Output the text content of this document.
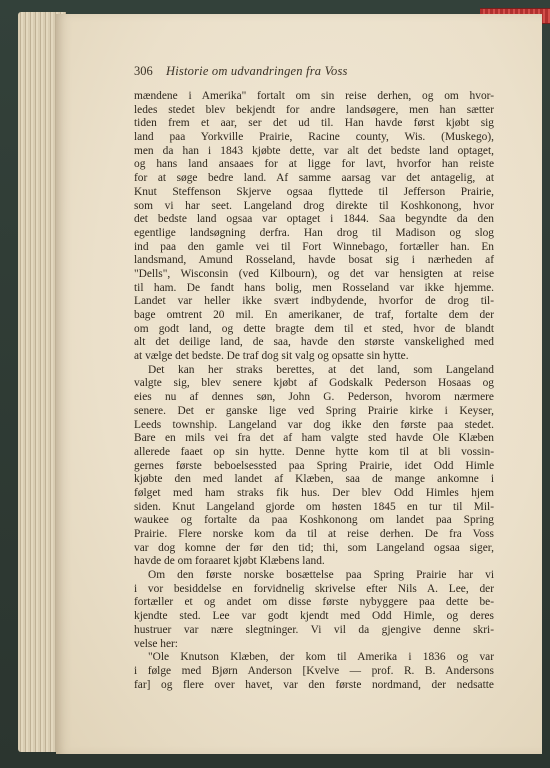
306 Historie om udvandringen fra Voss
mændene i Amerika" fortalt om sin reise derhen, og om hvor-
ledes stedet blev bekjendt for andre landsøgere, men han sætter
tiden frem et aar, ser det ud til. Han havde først kjøbt sig
land paa Yorkville Prairie, Racine county, Wis. (Muskego),
men da han i 1843 kjøbte dette, var alt det bedste land optaget,
og hans land ansaaes for at ligge for lavt, hvorfor han reiste
for at søge bedre land. Af samme aarsag var det antagelig, at
Knut Steffenson Skjerve ogsaa flyttede til Jefferson Prairie,
som vi har seet. Langeland drog direkte til Koshkonong, hvor
det bedste land ogsaa var optaget i 1844. Saa begyndte da den
egentlige landsøgning derfra. Han drog til Madison og slog
ind paa den gamle vei til Fort Winnebago, fortæller han. En
landsmand, Amund Rosseland, havde bosat sig i nærheden af
"Dells", Wisconsin (ved Kilbourn), og det var hensigten at reise
til ham. De fandt hans bolig, men Rosseland var ikke hjemme.
Landet var heller ikke svært indbydende, hvorfor de drog til-
bage omtrent 20 mil. En amerikaner, de traf, fortalte dem der
om godt land, og dette bragte dem til et sted, hvor de blandt
alt det deilige land, de saa, havde den største vanskelighed med
at vælge det bedste. De traf dog sit valg og opsatte sin hytte.
Det kan her straks berettes, at det land, som Langeland
valgte sig, blev senere kjøbt af Godskalk Pederson Hosaas og
eies nu af dennes søn, John G. Pederson, hvorom nærmere
senere. Det er ganske lige ved Spring Prairie kirke i Keyser,
Leeds township. Langeland var dog ikke den første paa stedet.
Bare en mils vei fra det af ham valgte sted havde Ole Klæben
allerede faaet op sin hytte. Denne hytte kom til at bli vossin-
gernes første beboelsessted paa Spring Prairie, idet Odd Himle
kjøbte den med landet af Klæben, saa de mange ankomne i
følget med ham straks fik hus. Der blev Odd Himles hjem
siden. Knut Langeland gjorde om høsten 1845 en tur til Mil-
waukee og fortalte da paa Koshkonong om landet paa Spring
Prairie. Flere norske kom da til at reise derhen. De fra Voss
var dog komne der før den tid; thi, som Langeland ogsaa siger,
havde de om foraaret kjøbt Klæbens land.
Om den første norske bosættelse paa Spring Prairie har vi
i vor besiddelse en forvidnelig skrivelse efter Nils A. Lee, der
fortæller et og andet om disse første nybyggere paa dette be-
kjendte sted. Lee var godt kjendt med Odd Himle, og deres
hustruer var nære slegtninger. Vi vil da gjengive denne skri-
velse her:
"Ole Knutson Klæben, der kom til Amerika i 1836 og var
i følge med Bjørn Anderson [Kvelve — prof. R. B. Andersons
far] og flere over havet, var den første nordmand, der nedsatte
